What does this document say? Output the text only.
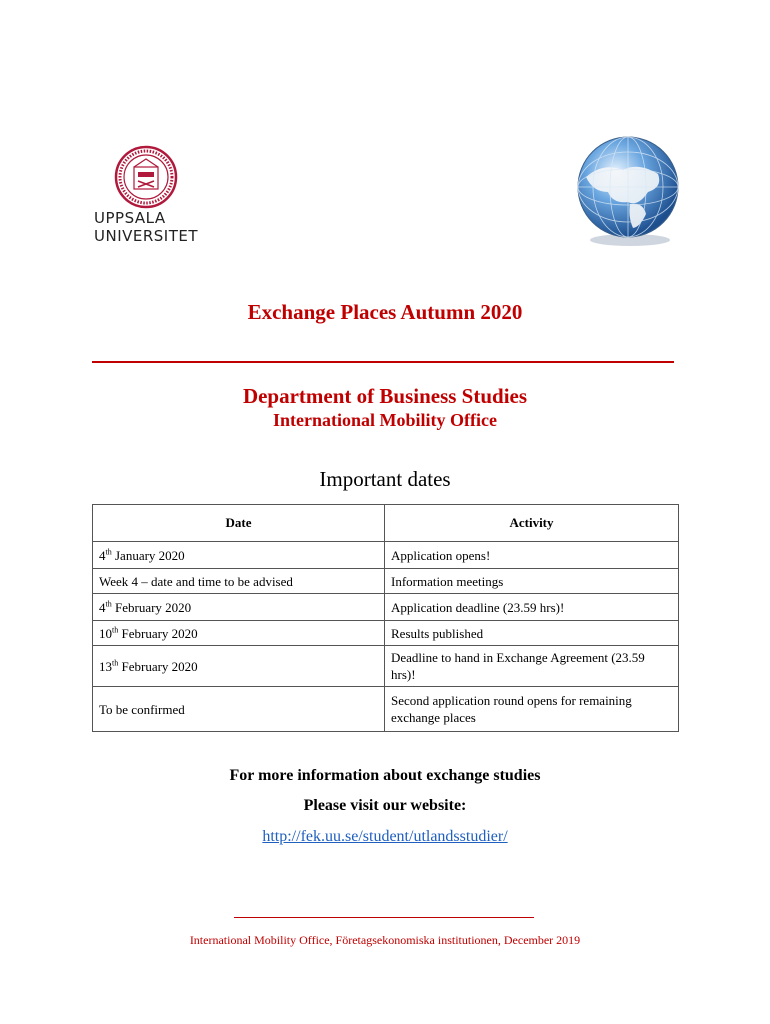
UPPSALA
UNIVERSITET
Exchange Places Autumn 2020
Department of Business Studies
International Mobility Office
Important dates
Date	Activity
4th January 2020	Application opens!
Week 4 – date and time to be advised	Information meetings
4th February 2020	Application deadline (23.59 hrs)!
10th February 2020	Results published
13th February 2020	Deadline to hand in Exchange Agreement (23.59 hrs)!
To be confirmed	Second application round opens for remaining exchange places
For more information about exchange studies
Please visit our website:
http://fek.uu.se/student/utlandsstudier/
International Mobility Office, Företagsekonomiska institutionen, December 2019
